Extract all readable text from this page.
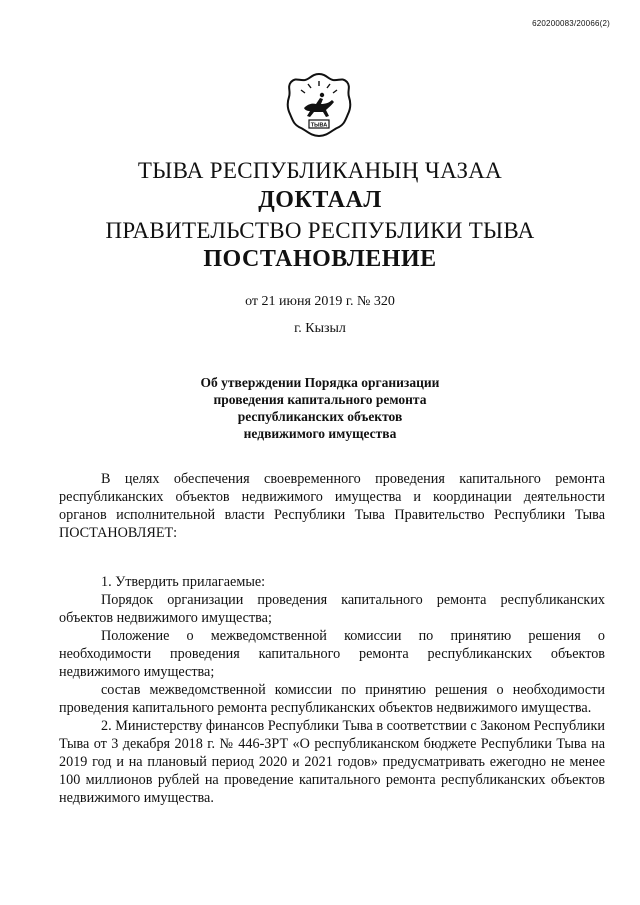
620200083/20066(2)
ТЫВА
ТЫВА РЕСПУБЛИКАНЫҢ ЧАЗАА
ДОКТААЛ
ПРАВИТЕЛЬСТВО РЕСПУБЛИКИ ТЫВА
ПОСТАНОВЛЕНИЕ
от 21 июня 2019 г. № 320
г. Кызыл
Об утверждении Порядка организации
проведения капитального ремонта
республиканских объектов
недвижимого имущества

В целях обеспечения своевременного проведения капитального ремонта республиканских объектов недвижимого имущества и координации деятельности органов исполнительной власти Республики Тыва Правительство Республики Тыва ПОСТАНОВЛЯЕТ:

1. Утвердить прилагаемые:

Порядок организации проведения капитального ремонта республиканских объектов недвижимого имущества;

Положение о межведомственной комиссии по принятию решения о необходимости проведения капитального ремонта республиканских объектов недвижимого имущества;

состав межведомственной комиссии по принятию решения о необходимости проведения капитального ремонта республиканских объектов недвижимого имущества.

2. Министерству финансов Республики Тыва в соответствии с Законом Республики Тыва от 3 декабря 2018 г. № 446-ЗРТ «О республиканском бюджете Республики Тыва на 2019 год и на плановый период 2020 и 2021 годов» предусматривать ежегодно не менее 100 миллионов рублей на проведение капитального ремонта республиканских объектов недвижимого имущества.
